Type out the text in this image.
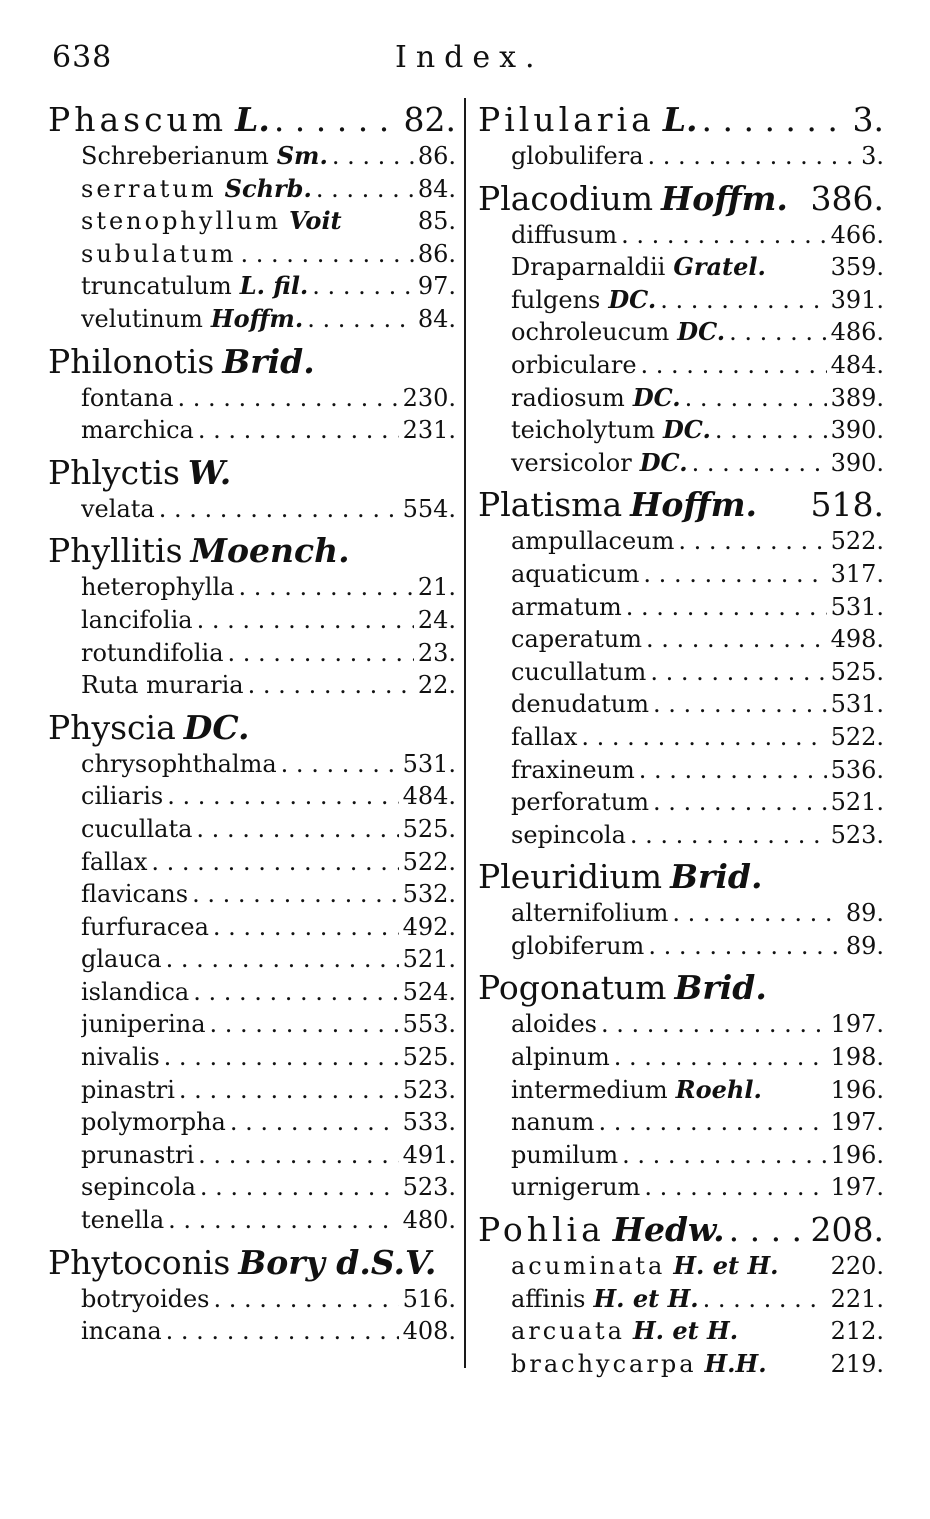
638	Index.
Phascum L. . . .	82.
Schreberianum Sm. . . .	86.
serratum Schrb. . . .	84.
stenophyllum Voit	85.
subulatum . . .	86.
truncatulum L. fil. . . .	97.
velutinum Hoffm. . . .	84.
Philonotis Brid.
fontana . . .	230.
marchica . . .	231.
Phlyctis W.
velata . . .	554.
Phyllitis Moench.
heterophylla . . .	21.
lancifolia . . .	24.
rotundifolia . . .	23.
Ruta muraria . . .	22.
Physcia DC.
chrysophthalma . . .	531.
ciliaris . . .	484.
cucullata . . .	525.
fallax . . .	522.
flavicans . . .	532.
furfuracea . . .	492.
glauca . . .	521.
islandica . . .	524.
juniperina . . .	553.
nivalis . . .	525.
pinastri . . .	523.
polymorpha . . .	533.
prunastri . . .	491.
sepincola . . .	523.
tenella . . .	480.
Phytoconis Bory d.S.V.
botryoides . . .	516.
incana . . .	408.
Pilularia L. . . .	3.
globulifera . . .	3.
Placodium Hoffm. 386.
diffusum . . .	466.
Draparnaldii Gratel.	359.
fulgens DC. . . .	391.
ochroleucum DC. . . .	486.
orbiculare . . .	484.
radiosum DC. . . .	389.
teicholytum DC. . . .	390.
versicolor DC. . . .	390.
Platisma Hoffm. 518.
ampullaceum . . .	522.
aquaticum . . .	317.
armatum . . .	531.
caperatum . . .	498.
cucullatum . . .	525.
denudatum . . .	531.
fallax . . .	522.
fraxineum . . .	536.
perforatum . . .	521.
sepincola . . .	523.
Pleuridium Brid.
alternifolium . . .	89.
globiferum . . .	89.
Pogonatum Brid.
aloides . . .	197.
alpinum . . .	198.
intermedium Roehl.	196.
nanum . . .	197.
pumilum . . .	196.
urnigerum . . .	197.
Pohlia Hedw. . . .	208.
acuminata H. et H. 220.
affinis H. et H. . . .	221.
arcuata H. et H.	212.
brachycarpa H.H.	219.
